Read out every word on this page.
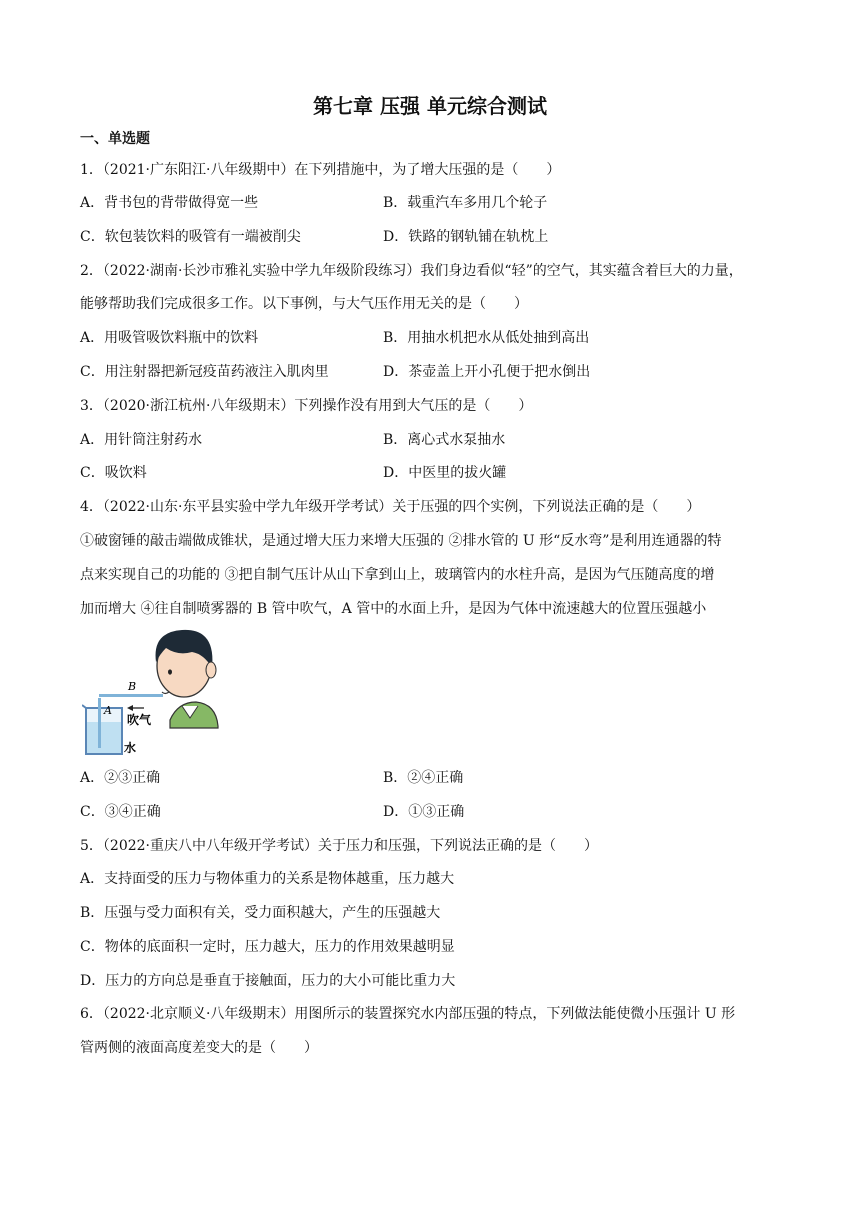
第七章 压强 单元综合测试
一、单选题
1．（2021·广东阳江·八年级期中）在下列措施中，为了增大压强的是（　　）
A．背书包的背带做得宽一些	B．载重汽车多用几个轮子
C．软包装饮料的吸管有一端被削尖	D．铁路的钢轨铺在轨枕上
2．（2022·湖南·长沙市雅礼实验中学九年级阶段练习）我们身边看似“轻”的空气，其实蕴含着巨大的力量，
能够帮助我们完成很多工作。以下事例，与大气压作用无关的是（　　）
A．用吸管吸饮料瓶中的饮料	B．用抽水机把水从低处抽到高出
C．用注射器把新冠疫苗药液注入肌肉里	D．茶壶盖上开小孔便于把水倒出
3．（2020·浙江杭州·八年级期末）下列操作没有用到大气压的是（　　）
A．用针筒注射药水	B．离心式水泵抽水
C．吸饮料	D．中医里的拔火罐
4．（2022·山东·东平县实验中学九年级开学考试）关于压强的四个实例，下列说法正确的是（　　）
①破窗锤的敲击端做成锥状，是通过增大压力来增大压强的 ②排水管的 U 形“反水弯”是利用连通器的特
点来实现自己的功能的 ③把自制气压计从山下拿到山上，玻璃管内的水柱升高，是因为气压随高度的增
加而增大 ④往自制喷雾器的 B 管中吹气，A 管中的水面上升，是因为气体中流速越大的位置压强越小
B
A
吹气
水
A．②③正确	B．②④正确
C．③④正确	D．①③正确
5．（2022·重庆八中八年级开学考试）关于压力和压强，下列说法正确的是（　　）
A．支持面受的压力与物体重力的关系是物体越重，压力越大
B．压强与受力面积有关，受力面积越大，产生的压强越大
C．物体的底面积一定时，压力越大，压力的作用效果越明显
D．压力的方向总是垂直于接触面，压力的大小可能比重力大
6．（2022·北京顺义·八年级期末）用图所示的装置探究水内部压强的特点，下列做法能使微小压强计 U 形
管两侧的液面高度差变大的是（　　）
